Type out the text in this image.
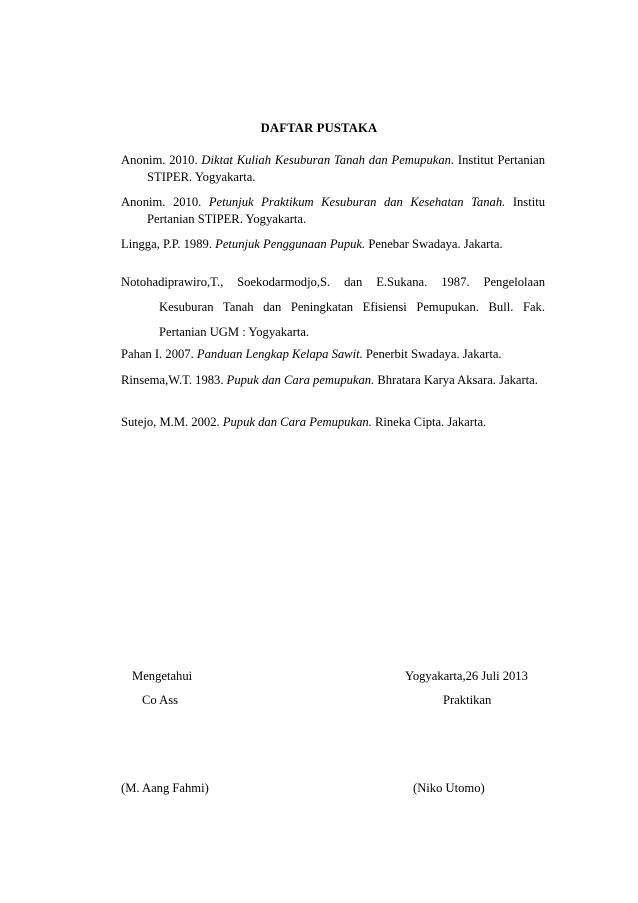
DAFTAR PUSTAKA

Anonim. 2010. Diktat Kuliah Kesuburan Tanah dan Pemupukan. Institut Pertanian STIPER. Yogyakarta.

Anonim. 2010. Petunjuk Praktikum Kesuburan dan Kesehatan Tanah. Institu Pertanian STIPER. Yogyakarta.

Lingga, P.P. 1989. Petunjuk Penggunaan Pupuk. Penebar Swadaya. Jakarta.

Notohadiprawiro,T., Soekodarmodjo,S. dan E.Sukana. 1987. Pengelolaan Kesuburan Tanah dan Peningkatan Efisiensi Pemupukan. Bull. Fak. Pertanian UGM : Yogyakarta.

Pahan I. 2007. Panduan Lengkap Kelapa Sawit. Penerbit Swadaya. Jakarta.

Rinsema,W.T. 1983. Pupuk dan Cara pemupukan. Bhratara Karya Aksara. Jakarta.

Sutejo, M.M. 2002. Pupuk dan Cara Pemupukan. Rineka Cipta. Jakarta.

Mengetahui
Co Ass
(M. Aang Fahmi)
Yogyakarta,26 Juli 2013
Praktikan
(Niko Utomo)
